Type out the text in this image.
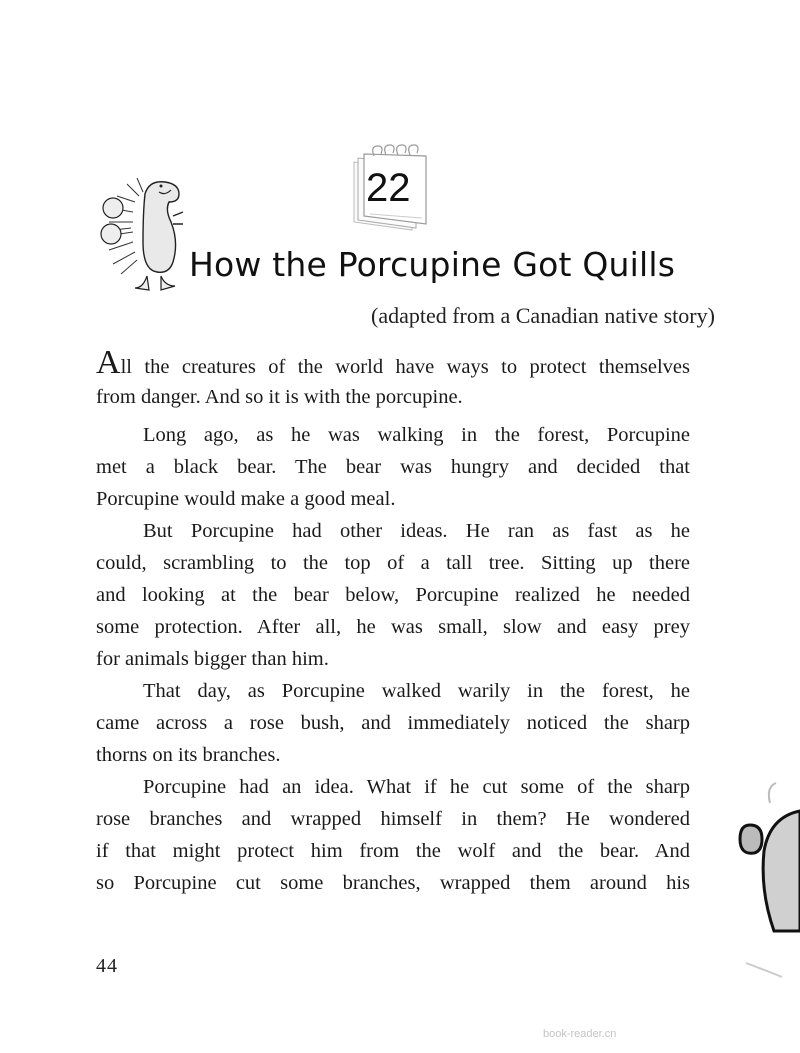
22
How the Porcupine Got Quills
(adapted from a Canadian native story)
All the creatures of the world have ways to protect themselves
from danger. And so it is with the porcupine.
Long ago, as he was walking in the forest, Porcupine
met a black bear. The bear was hungry and decided that
Porcupine would make a good meal.
But Porcupine had other ideas. He ran as fast as he
could, scrambling to the top of a tall tree. Sitting up there
and looking at the bear below, Porcupine realized he needed
some protection. After all, he was small, slow and easy prey
for animals bigger than him.
That day, as Porcupine walked warily in the forest, he
came across a rose bush, and immediately noticed the sharp
thorns on its branches.
Porcupine had an idea. What if he cut some of the sharp
rose branches and wrapped himself in them? He wondered
if that might protect him from the wolf and the bear. And
so Porcupine cut some branches, wrapped them around his
44
book-reader.cn
